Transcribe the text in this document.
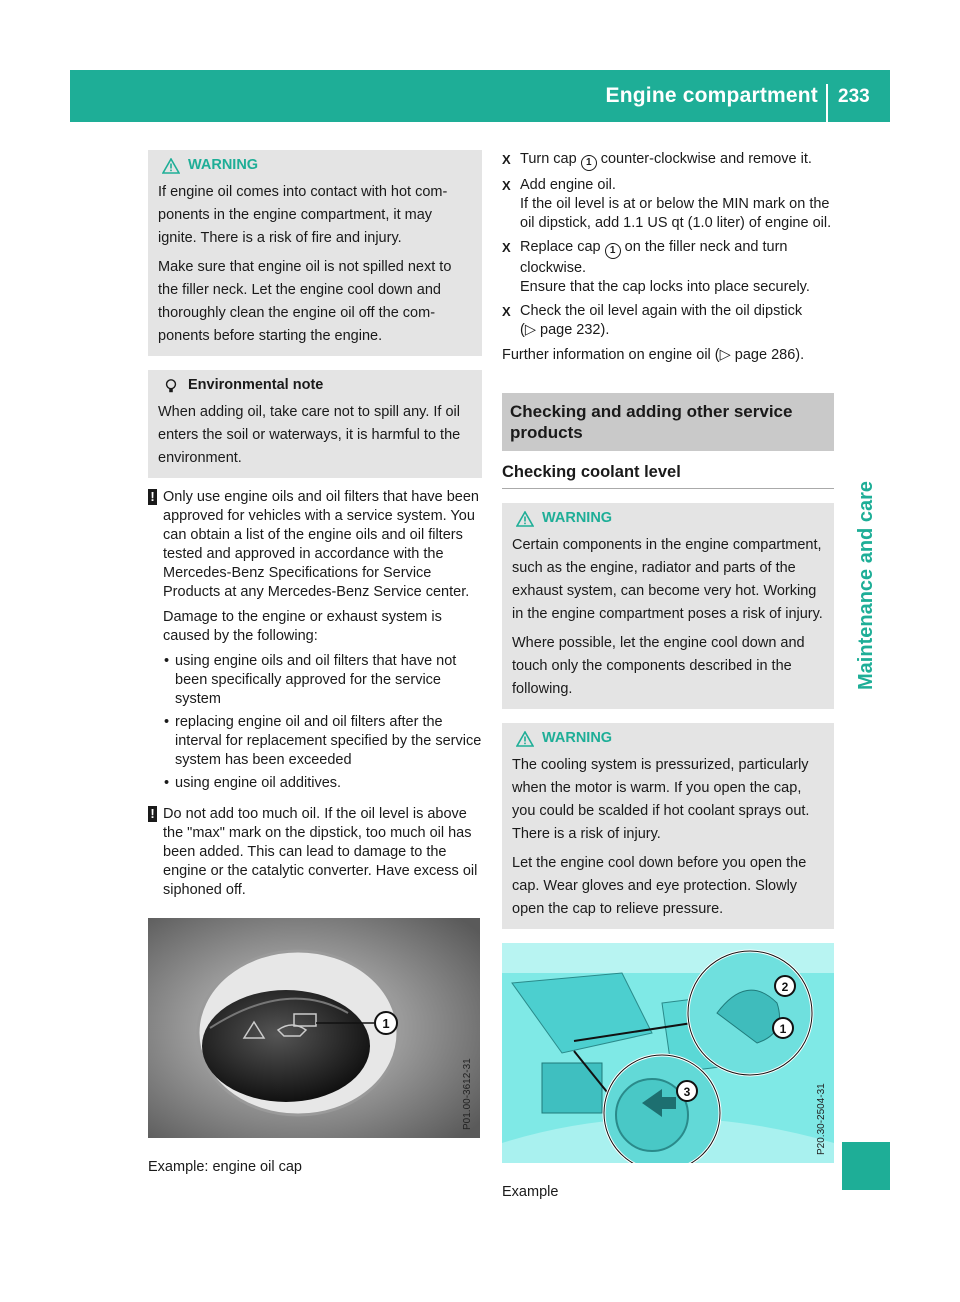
Engine compartment 233
Maintenance and care
WARNING

If engine oil comes into contact with hot components in the engine compartment, it may ignite. There is a risk of fire and injury.

Make sure that engine oil is not spilled next to the filler neck. Let the engine cool down and thoroughly clean the engine oil off the components before starting the engine.

Environmental note

When adding oil, take care not to spill any. If oil enters the soil or waterways, it is harmful to the environment.

! Only use engine oils and oil filters that have been approved for vehicles with a service system. You can obtain a list of the engine oils and oil filters tested and approved in accordance with the Mercedes-Benz Specifications for Service Products at any Mercedes-Benz Service center.

Damage to the engine or exhaust system is caused by the following:

• using engine oils and oil filters that have not been specifically approved for the service system
• replacing engine oil and oil filters after the interval for replacement specified by the service system has been exceeded
• using engine oil additives.
! Do not add too much oil. If the oil level is above the "max" mark on the dipstick, too much oil has been added. This can lead to damage to the engine or the catalytic converter. Have excess oil siphoned off.

1
P01.00-3612-31
Example: engine oil cap
X Turn cap 1 counter-clockwise and remove it.
X Add engine oil.
If the oil level is at or below the MIN mark on the oil dipstick, add 1.1 US qt (1.0 liter) of engine oil.
X Replace cap 1 on the filler neck and turn clockwise.
Ensure that the cap locks into place securely.
X Check the oil level again with the oil dipstick
(▷ page 232).
Further information on engine oil (▷ page 286).
Checking and adding other service products
Checking coolant level
WARNING

Certain components in the engine compartment, such as the engine, radiator and parts of the exhaust system, can become very hot. Working in the engine compartment poses a risk of injury.

Where possible, let the engine cool down and touch only the components described in the following.

WARNING

The cooling system is pressurized, particularly when the motor is warm. If you open the cap, you could be scalded if hot coolant sprays out. There is a risk of injury.

Let the engine cool down before you open the cap. Wear gloves and eye protection. Slowly open the cap to relieve pressure.

2
1
3	P20.30-2504-31
Example
